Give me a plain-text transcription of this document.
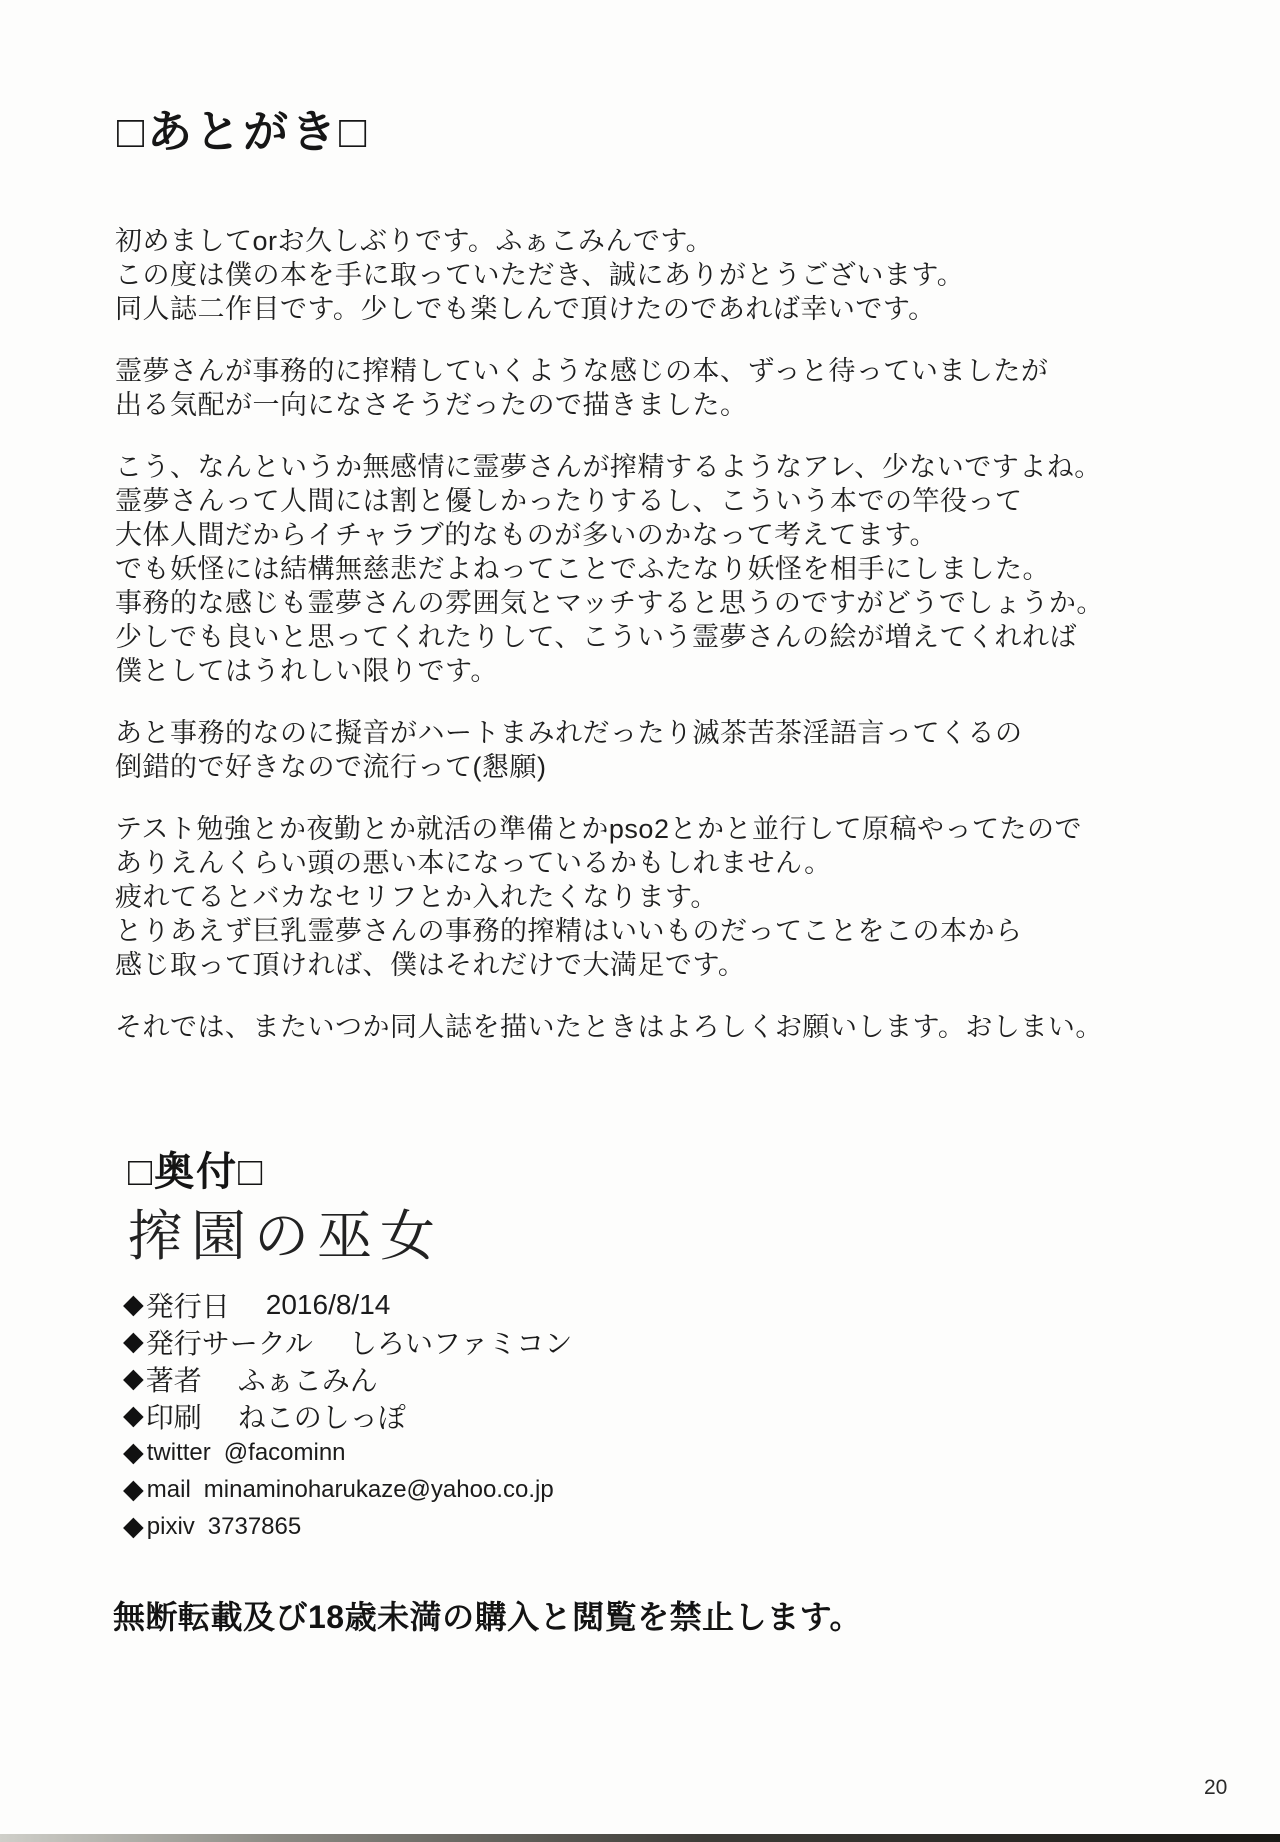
□あとがき□
初めましてorお久しぶりです。ふぁこみんです。
この度は僕の本を手に取っていただき、誠にありがとうございます。
同人誌二作目です。少しでも楽しんで頂けたのであれば幸いです。
霊夢さんが事務的に搾精していくような感じの本、ずっと待っていましたが
出る気配が一向になさそうだったので描きました。
こう、なんというか無感情に霊夢さんが搾精するようなアレ、少ないですよね。
霊夢さんって人間には割と優しかったりするし、こういう本での竿役って
大体人間だからイチャラブ的なものが多いのかなって考えてます。
でも妖怪には結構無慈悲だよねってことでふたなり妖怪を相手にしました。
事務的な感じも霊夢さんの雰囲気とマッチすると思うのですがどうでしょうか。
少しでも良いと思ってくれたりして、こういう霊夢さんの絵が増えてくれれば
僕としてはうれしい限りです。
あと事務的なのに擬音がハートまみれだったり滅茶苦茶淫語言ってくるの
倒錯的で好きなので流行って(懇願)
テスト勉強とか夜勤とか就活の準備とかpso2とかと並行して原稿やってたので
ありえんくらい頭の悪い本になっているかもしれません。
疲れてるとバカなセリフとか入れたくなります。
とりあえず巨乳霊夢さんの事務的搾精はいいものだってことをこの本から
感じ取って頂ければ、僕はそれだけで大満足です。
それでは、またいつか同人誌を描いたときはよろしくお願いします。おしまい。
□奥付□
搾園の巫女
◆ 発行日 2016/8/14
◆ 発行サークル しろいファミコン
◆ 著者 ふぁこみん
◆ 印刷 ねこのしっぽ
◆ twitter @facominn
◆ mail minaminoharukaze@yahoo.co.jp
◆ pixiv 3737865
無断転載及び18歳未満の購入と閲覧を禁止します。
20
